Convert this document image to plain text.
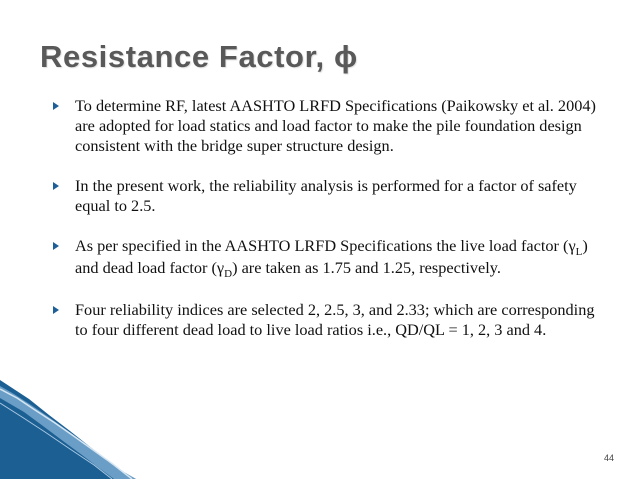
Resistance Factor, ϕ
To determine RF, latest AASHTO LRFD Specifications (Paikowsky et al. 2004) are adopted for load statics and load factor to make the pile foundation design consistent with the bridge super structure design.
In the present work, the reliability analysis is performed for a factor of safety equal to 2.5.
As per specified in the AASHTO LRFD Specifications the live load factor $(\gamma_L)$ and dead load factor $(\gamma_D)$ are taken as 1.75 and 1.25, respectively.
Four reliability indices are selected 2, 2.5, 3, and 2.33; which are corresponding to four different dead load to live load ratios i.e., QD/QL = 1, 2, 3 and 4.
44
